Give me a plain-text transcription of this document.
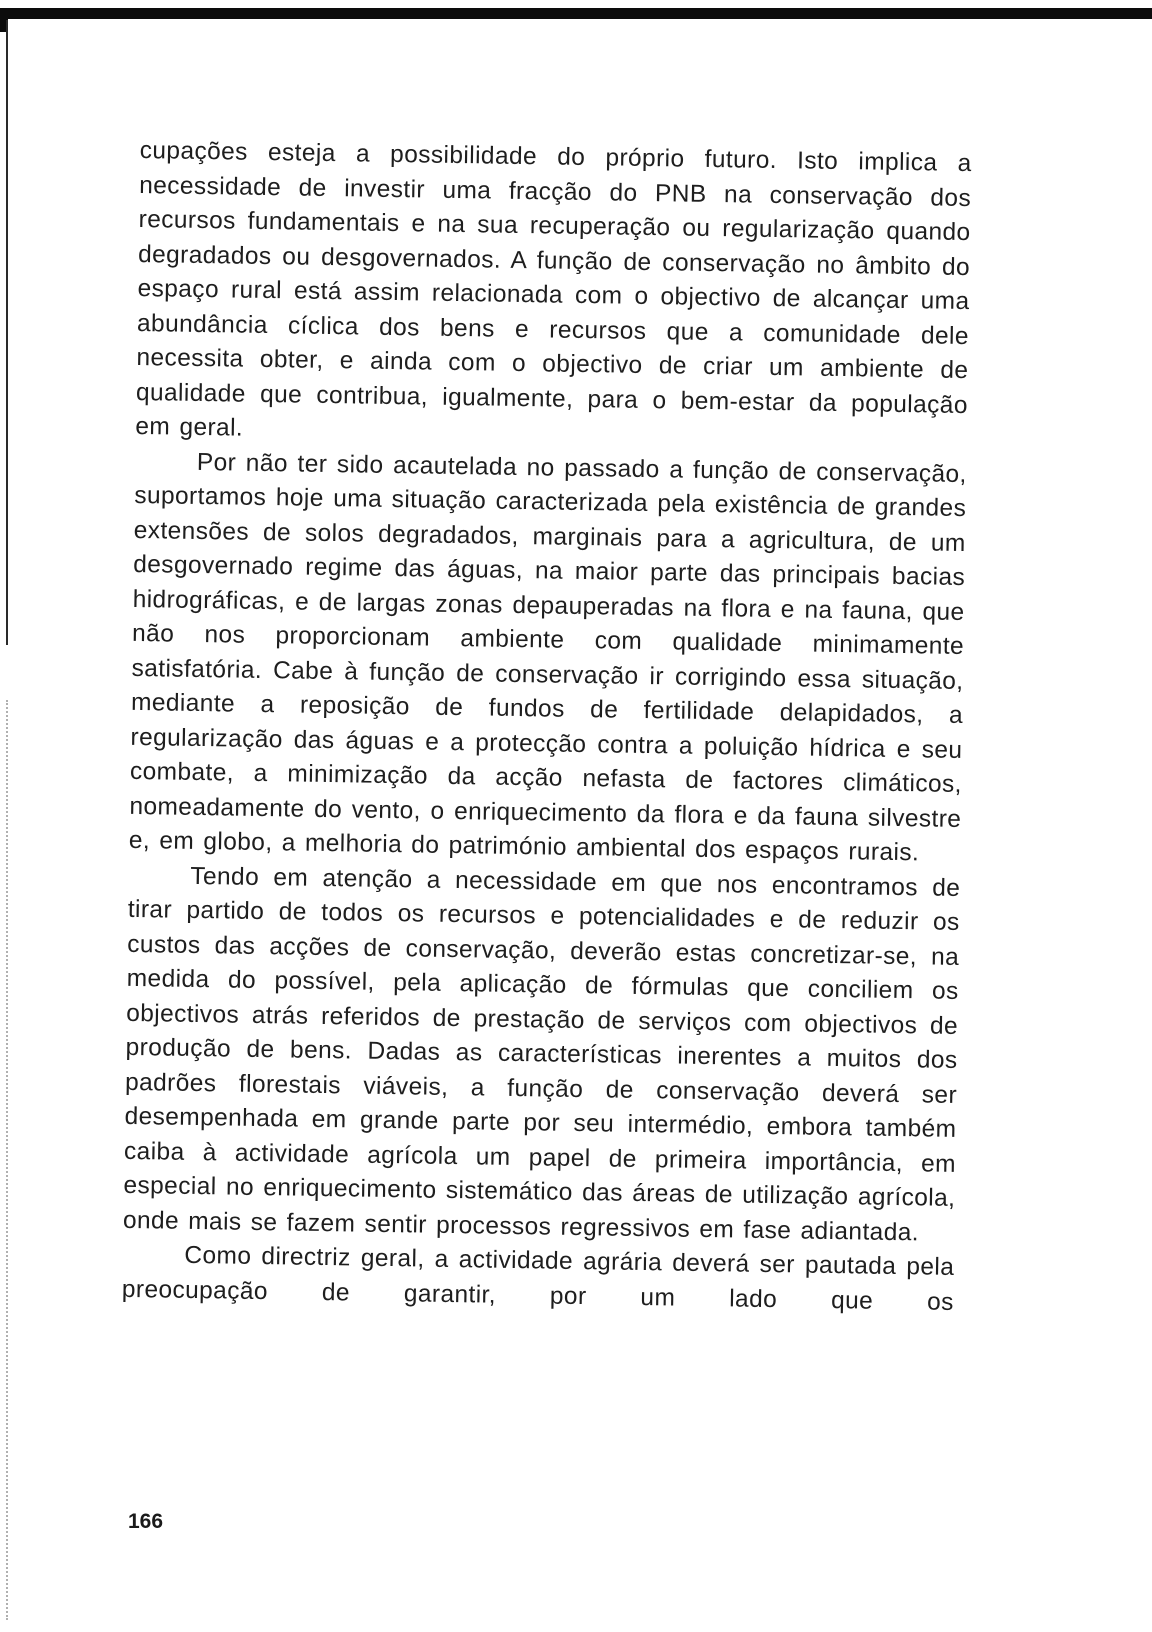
cupações esteja a possibilidade do próprio futuro. Isto implica a necessidade de investir uma fracção do PNB na conservação dos recursos fundamentais e na sua recuperação ou regularização quando degradados ou desgovernados. A função de conservação no âmbito do espaço rural está assim relacionada com o objectivo de alcançar uma abundância cíclica dos bens e recursos que a comunidade dele necessita obter, e ainda com o objectivo de criar um ambiente de qualidade que contribua, igualmente, para o bem-estar da população em geral.

Por não ter sido acautelada no passado a função de conservação, suportamos hoje uma situação caracterizada pela existência de grandes extensões de solos degradados, marginais para a agricultura, de um desgovernado regime das águas, na maior parte das principais bacias hidrográficas, e de largas zonas depauperadas na flora e na fauna, que não nos proporcionam ambiente com qualidade minimamente satisfatória. Cabe à função de conservação ir corrigindo essa situação, mediante a reposição de fundos de fertilidade delapidados, a regularização das águas e a protecção contra a poluição hídrica e seu combate, a minimização da acção nefasta de factores climáticos, nomeadamente do vento, o enriquecimento da flora e da fauna silvestre e, em globo, a melhoria do património ambiental dos espaços rurais.

Tendo em atenção a necessidade em que nos encontramos de tirar partido de todos os recursos e potencialidades e de reduzir os custos das acções de conservação, deverão estas concretizar-se, na medida do possível, pela aplicação de fórmulas que conciliem os objectivos atrás referidos de prestação de serviços com objectivos de produção de bens. Dadas as características inerentes a muitos dos padrões florestais viáveis, a função de conservação deverá ser desempenhada em grande parte por seu intermédio, embora também caiba à actividade agrícola um papel de primeira importância, em especial no enriquecimento sistemático das áreas de utilização agrícola, onde mais se fazem sentir processos regressivos em fase adiantada.

Como directriz geral, a actividade agrária deverá ser pautada pela preocupação de garantir, por um lado que os

166
